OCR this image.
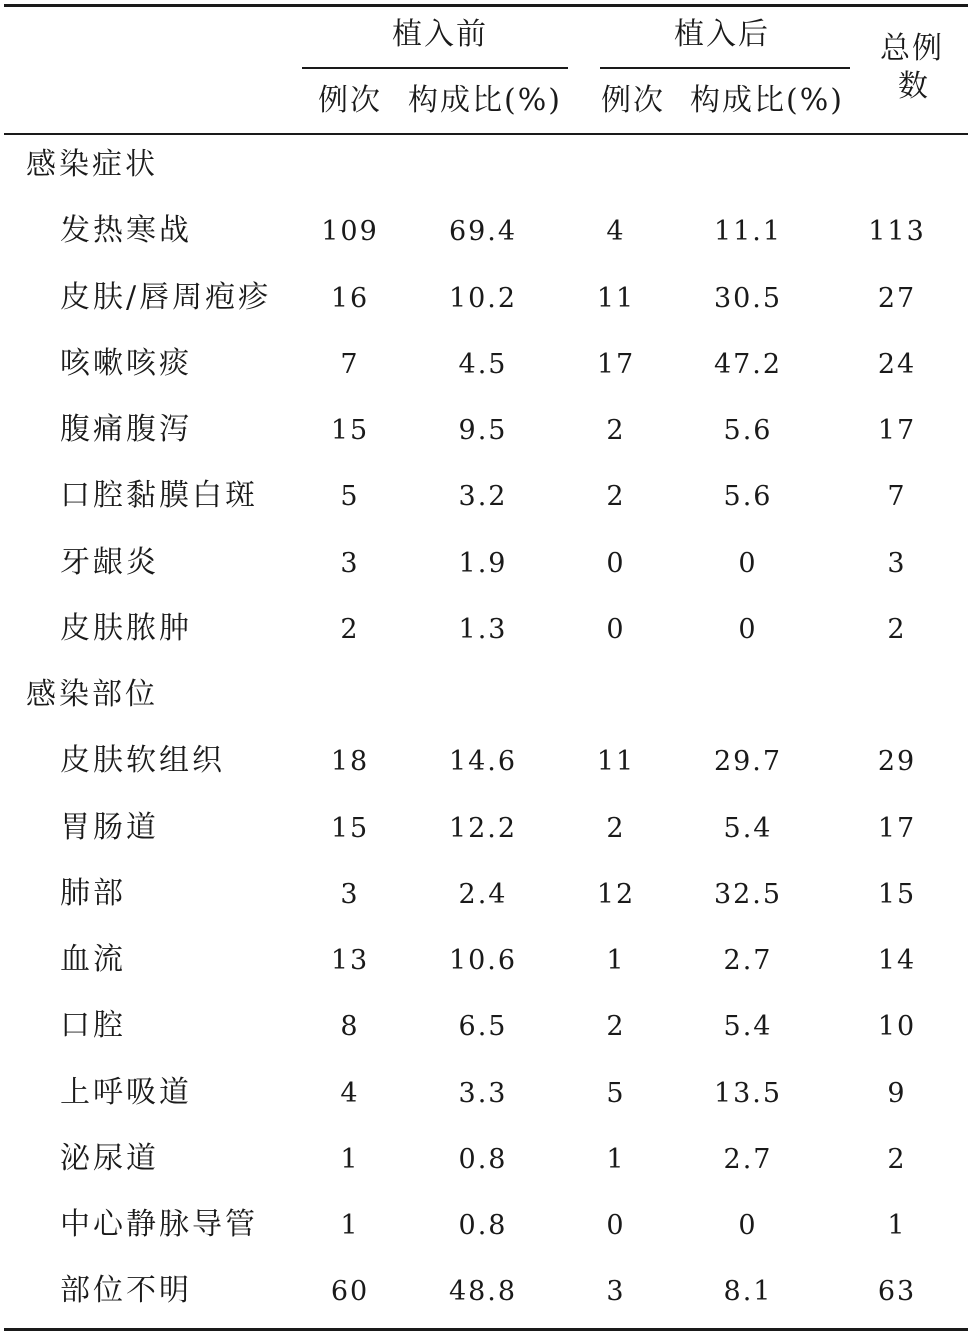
植入前	植入后	总例
数
例次 构成比(%) 例次 构成比(%)
感染症状
发热寒战	109	69.4	4	11.1	113
皮肤/唇周疱疹 16	10.2	11	30.5	27
咳嗽咳痰	7	4.5	17	47.2	24
腹痛腹泻	15	9.5	2	5.6	17
口腔黏膜白斑	5	3.2	2	5.6	7
牙龈炎	3	1.9	0	0	3
皮肤脓肿	2	1.3	0	0	2
感染部位
皮肤软组织	18	14.6	11	29.7	29
胃肠道	15	12.2	2	5.4	17
肺部	3	2.4	12	32.5	15
血流	13	10.6	1	2.7	14
口腔	8	6.5	2	5.4	10
上呼吸道	4	3.3	5	13.5	9
泌尿道	1	0.8	1	2.7	2
中心静脉导管	1	0.8	0	0	1
部位不明	60	48.8	3	8.1	63
